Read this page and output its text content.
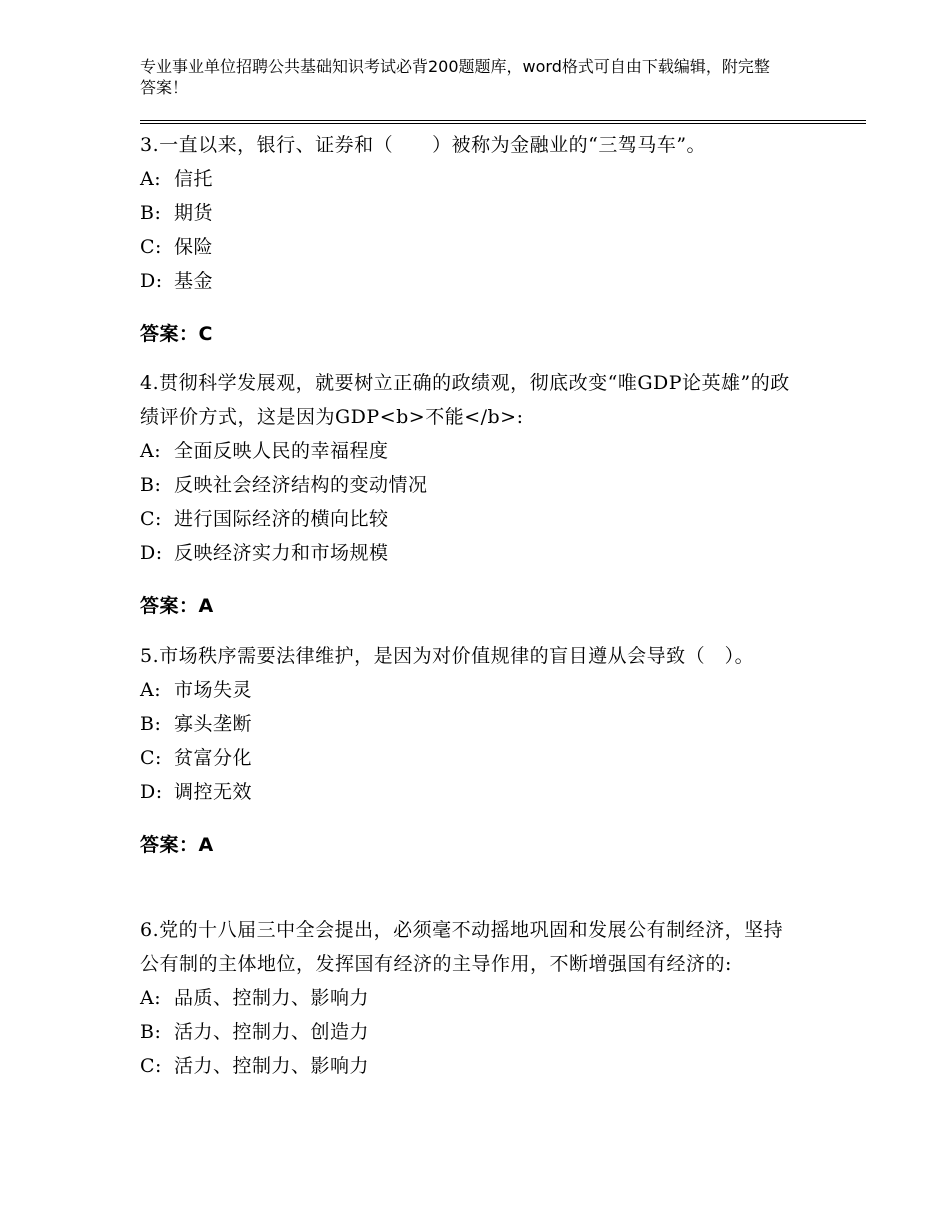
专业事业单位招聘公共基础知识考试必背200题题库，word格式可自由下载编辑，附完整答案！

3.一直以来，银行、证券和（　　）被称为金融业的“三驾马车”。

A: 信托

B: 期货

C: 保险

D: 基金

答案：C

4.贯彻科学发展观，就要树立正确的政绩观，彻底改变“唯GDP论英雄”的政绩评价方式，这是因为GDP<b>不能</b>:

A: 全面反映人民的幸福程度

B: 反映社会经济结构的变动情况

C: 进行国际经济的横向比较

D: 反映经济实力和市场规模

答案：A

5.市场秩序需要法律维护，是因为对价值规律的盲目遵从会导致（　）。

A: 市场失灵

B: 寡头垄断

C: 贫富分化

D: 调控无效

答案：A

6.党的十八届三中全会提出，必须毫不动摇地巩固和发展公有制经济，坚持公有制的主体地位，发挥国有经济的主导作用，不断增强国有经济的:

A: 品质、控制力、影响力

B: 活力、控制力、创造力

C: 活力、控制力、影响力
